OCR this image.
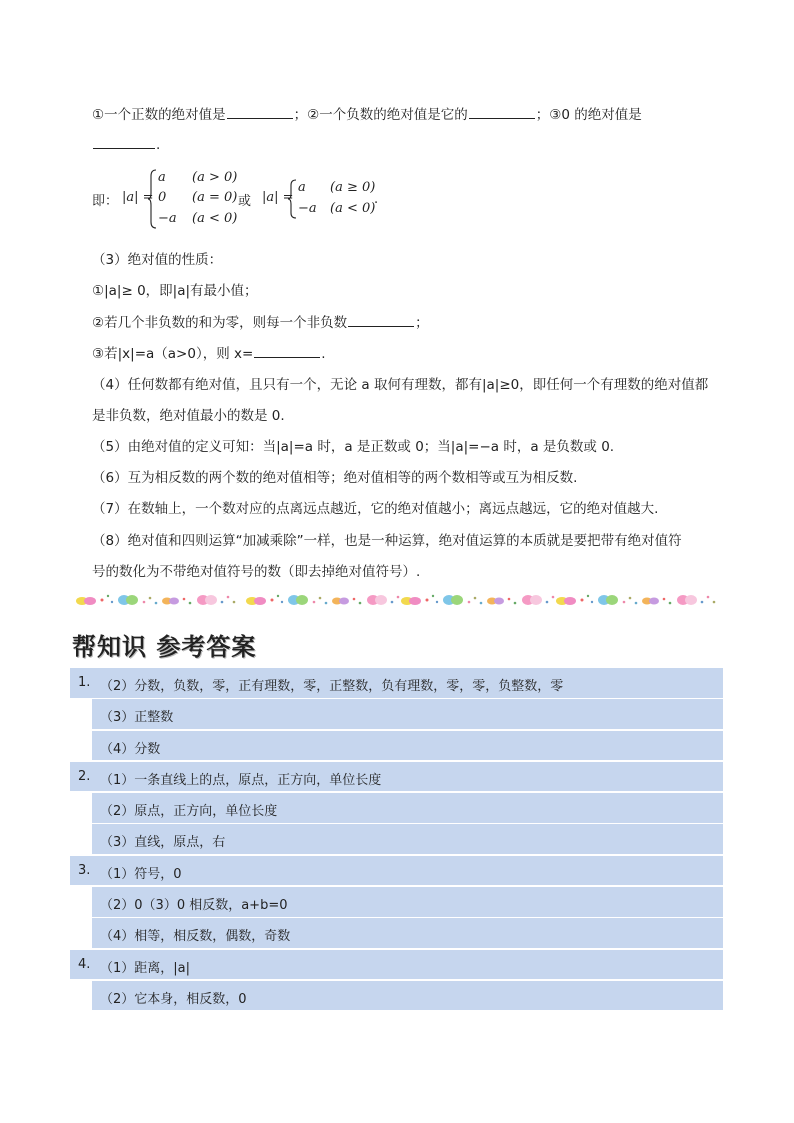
①一个正数的绝对值是	；②一个负数的绝对值是它的	；③0 的绝对值是
.
即： |a| =
a (a > 0)
0 (a = 0)
−a (a < 0)
或 |a| =
a (a ≥ 0)
−a (a < 0)
.
（3）绝对值的性质：
①|a|≥ 0，即|a|有最小值；
②若几个非负数的和为零，则每一个非负数	；
③若|x|=a（a>0），则 x=	.
（4）任何数都有绝对值，且只有一个，无论 a 取何有理数，都有|a|≥0，即任何一个有理数的绝对值都
是非负数，绝对值最小的数是 0.
（5）由绝对值的定义可知：当|a|=a 时，a 是正数或 0；当|a|=−a 时，a 是负数或 0.
（6）互为相反数的两个数的绝对值相等；绝对值相等的两个数相等或互为相反数.
（7）在数轴上，一个数对应的点离远点越近，它的绝对值越小；离远点越远，它的绝对值越大.
（8）绝对值和四则运算“加减乘除”一样，也是一种运算，绝对值运算的本质就是要把带有绝对值符
号的数化为不带绝对值符号的数（即去掉绝对值符号）.
帮知识 参考答案
1. （2）分数，负数，零，正有理数，零，正整数，负有理数，零，零，负整数，零
（3）正整数
（4）分数
2. （1）一条直线上的点，原点，正方向，单位长度
（2）原点，正方向，单位长度
（3）直线，原点，右
3. （1）符号，0
（2）0（3）0 相反数，a+b=0
（4）相等，相反数，偶数，奇数
4. （1）距离，|a|
（2）它本身，相反数，0
